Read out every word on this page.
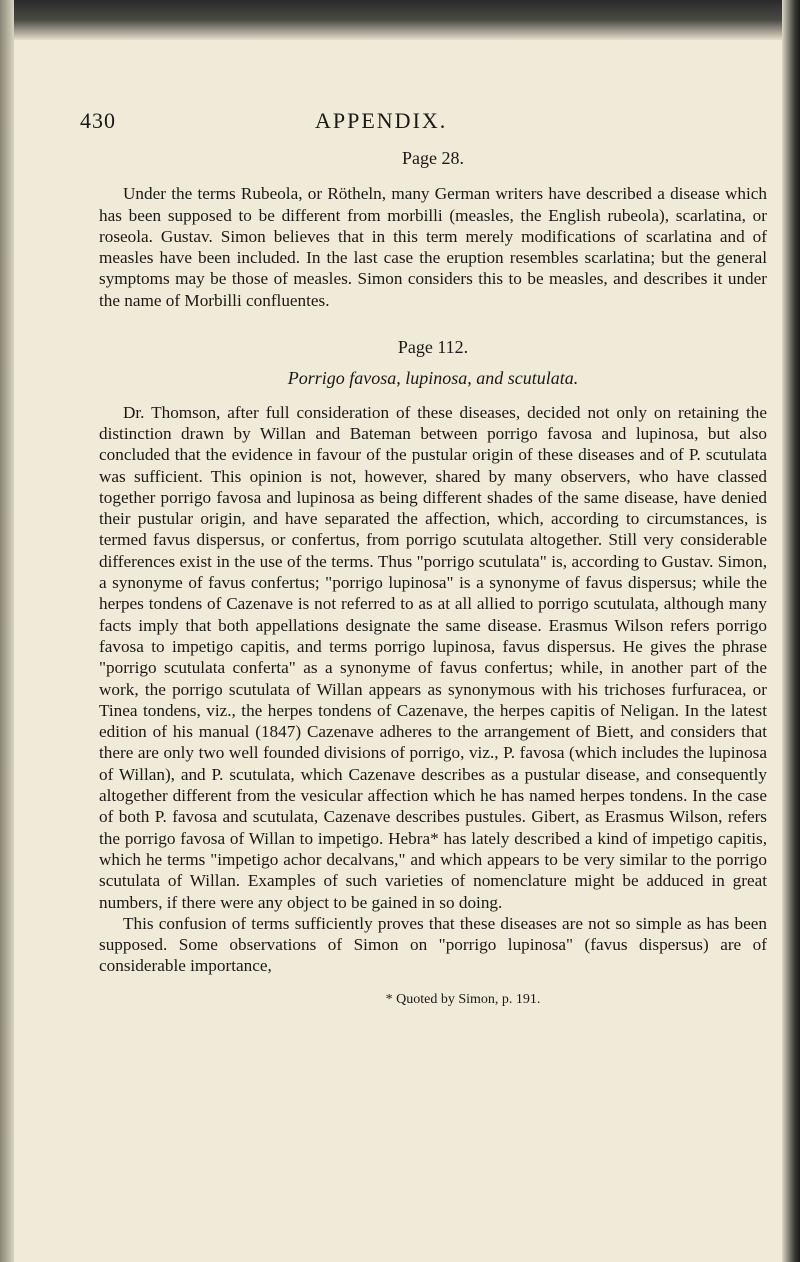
430	APPENDIX.
Page 28.

Under the terms Rubeola, or Rötheln, many German writers have described a disease which has been supposed to be different from morbilli (measles, the English rubeola), scarlatina, or roseola. Gustav. Simon believes that in this term merely modifications of scarlatina and of measles have been included. In the last case the eruption resembles scarlatina; but the general symptoms may be those of measles. Simon considers this to be measles, and describes it under the name of Morbilli confluentes.

Page 112.
Porrigo favosa, lupinosa, and scutulata.

Dr. Thomson, after full consideration of these diseases, decided not only on retaining the distinction drawn by Willan and Bateman between porrigo favosa and lupinosa, but also concluded that the evidence in favour of the pustular origin of these diseases and of P. scutulata was sufficient. This opinion is not, however, shared by many observers, who have classed together porrigo favosa and lupinosa as being different shades of the same disease, have denied their pustular origin, and have separated the affection, which, according to circumstances, is termed favus dispersus, or confertus, from porrigo scutulata altogether. Still very considerable differences exist in the use of the terms. Thus "porrigo scutulata" is, according to Gustav. Simon, a synonyme of favus confertus; "porrigo lupinosa" is a synonyme of favus dispersus; while the herpes tondens of Cazenave is not referred to as at all allied to porrigo scutulata, although many facts imply that both appellations designate the same disease. Erasmus Wilson refers porrigo favosa to impetigo capitis, and terms porrigo lupinosa, favus dispersus. He gives the phrase "porrigo scutulata conferta" as a synonyme of favus confertus; while, in another part of the work, the porrigo scutulata of Willan appears as synonymous with his trichoses furfuracea, or Tinea tondens, viz., the herpes tondens of Cazenave, the herpes capitis of Neligan. In the latest edition of his manual (1847) Cazenave adheres to the arrangement of Biett, and considers that there are only two well founded divisions of porrigo, viz., P. favosa (which includes the lupinosa of Willan), and P. scutulata, which Cazenave describes as a pustular disease, and consequently altogether different from the vesicular affection which he has named herpes tondens. In the case of both P. favosa and scutulata, Cazenave describes pustules. Gibert, as Erasmus Wilson, refers the porrigo favosa of Willan to impetigo. Hebra* has lately described a kind of impetigo capitis, which he terms "impetigo achor decalvans," and which appears to be very similar to the porrigo scutulata of Willan. Examples of such varieties of nomenclature might be adduced in great numbers, if there were any object to be gained in so doing.

This confusion of terms sufficiently proves that these diseases are not so simple as has been supposed. Some observations of Simon on "porrigo lupinosa" (favus dispersus) are of considerable importance,

* Quoted by Simon, p. 191.
